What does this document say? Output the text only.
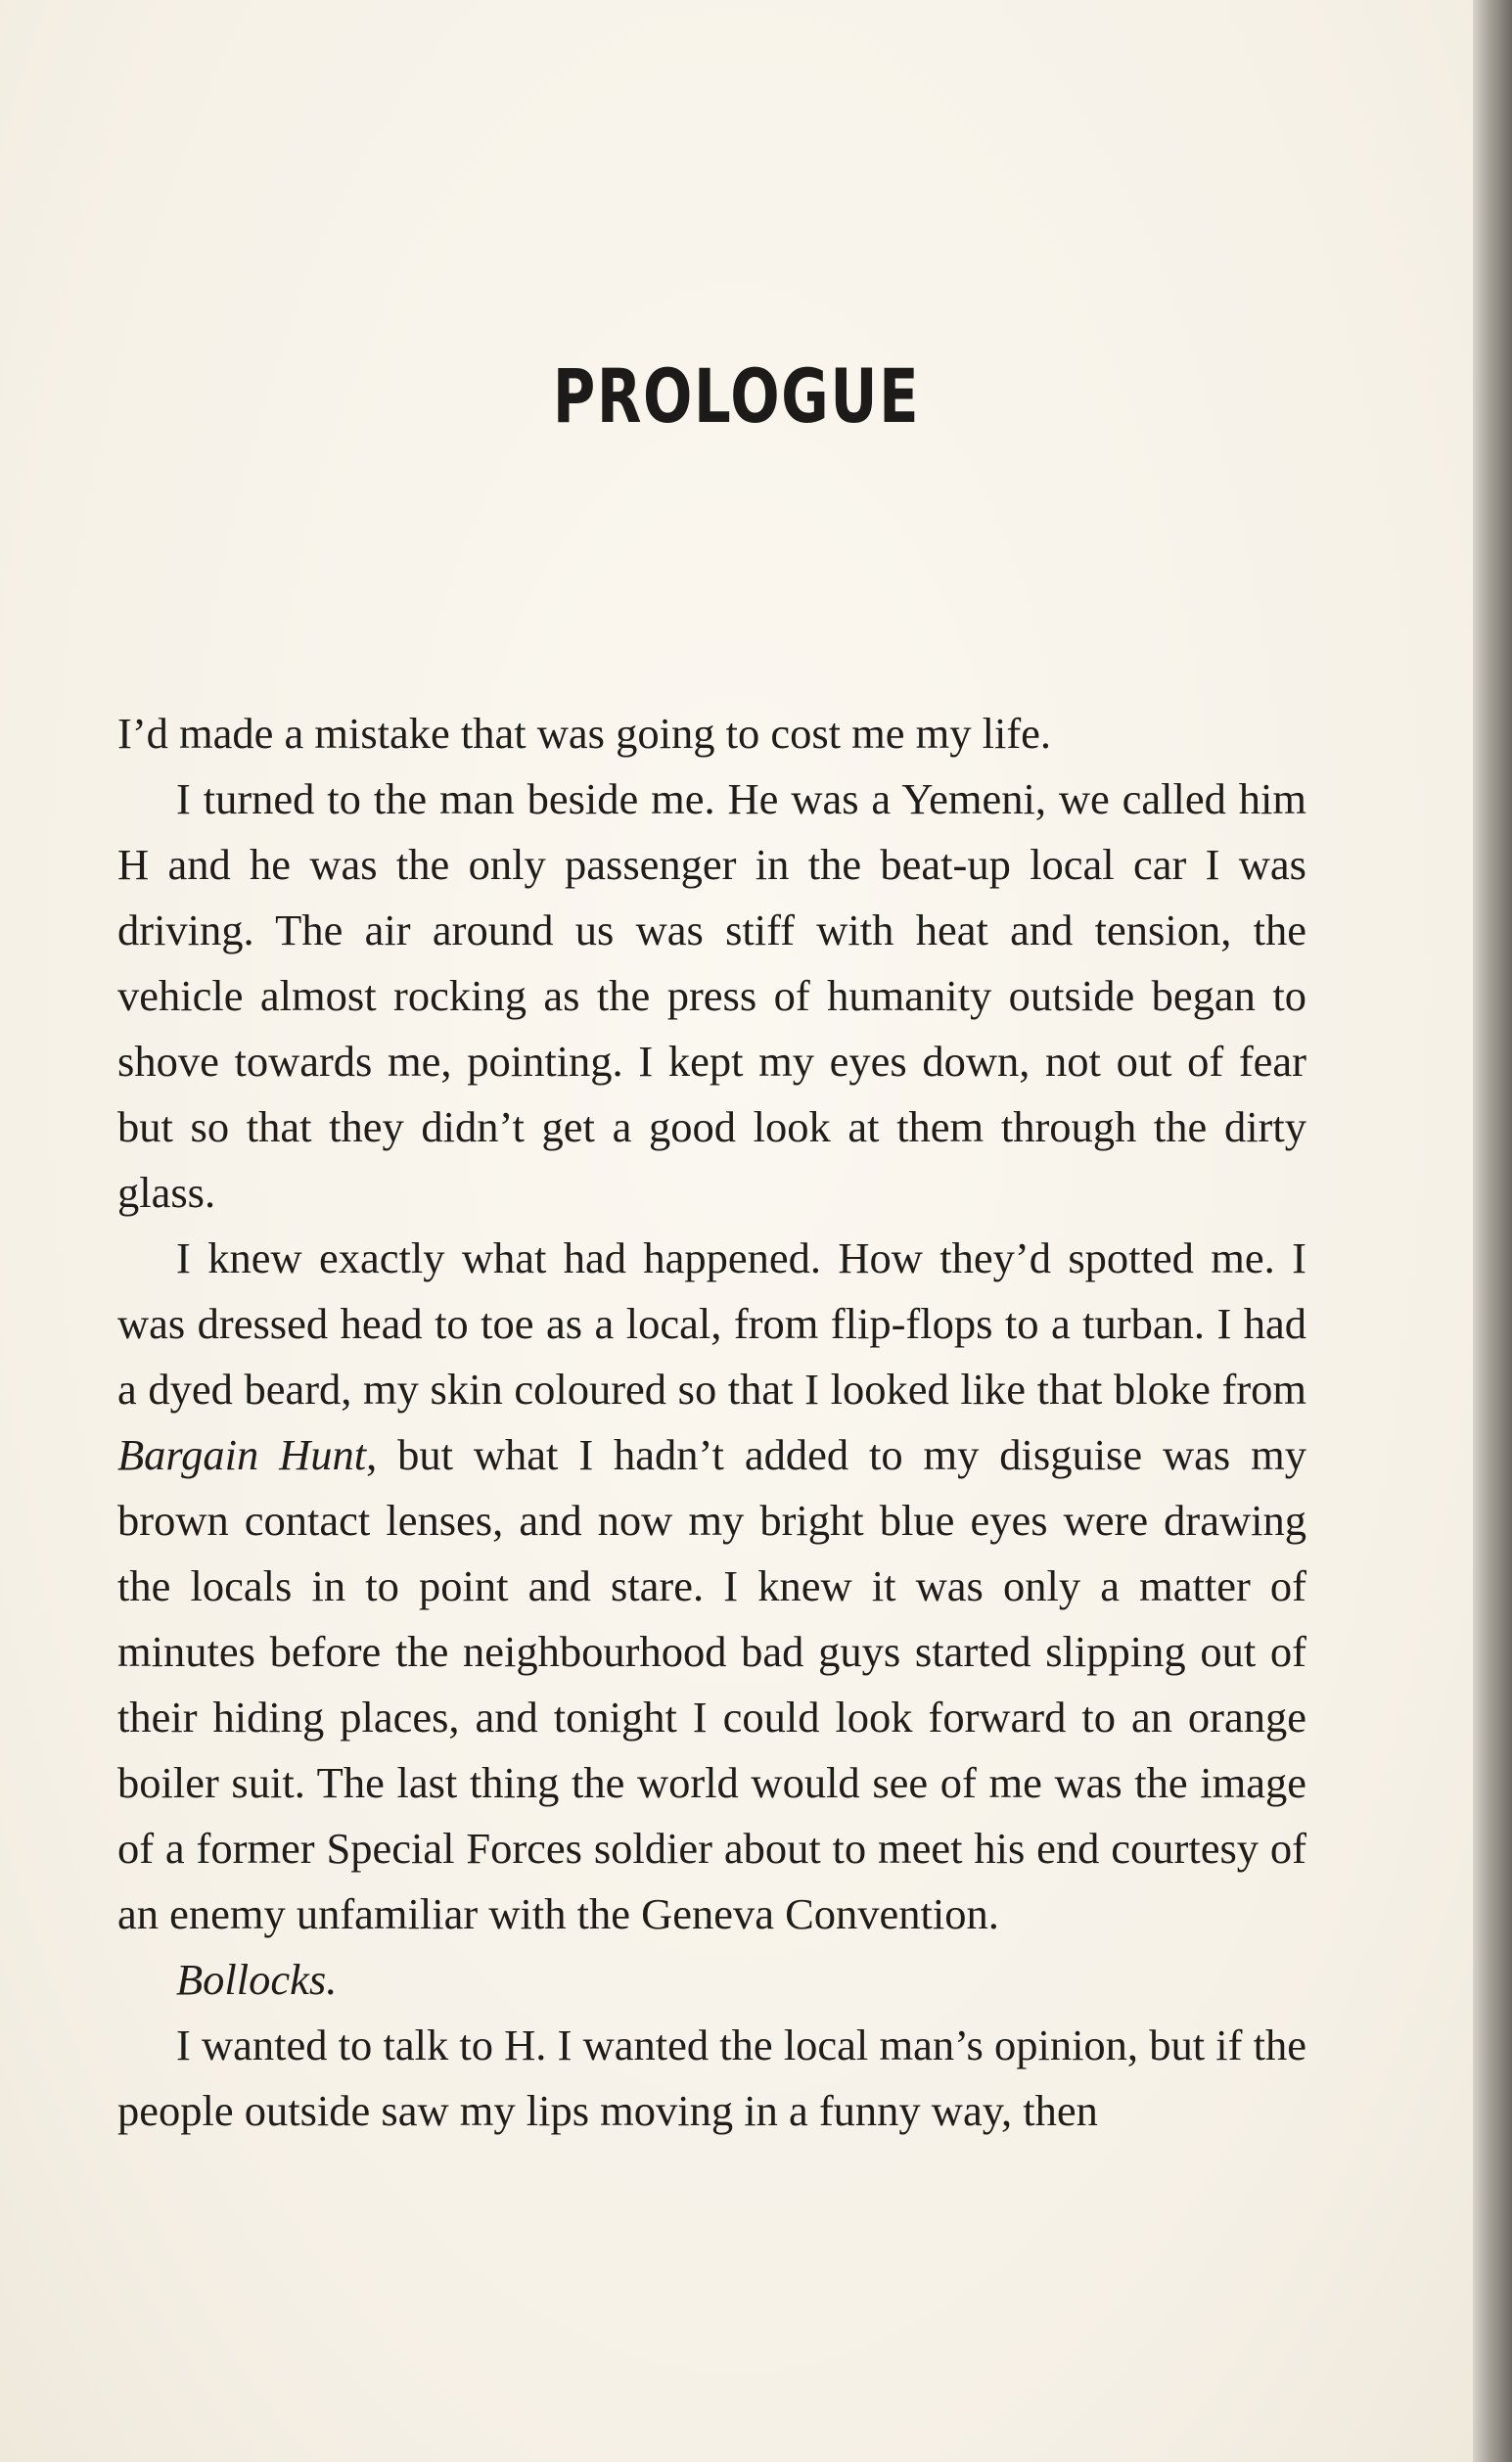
PROLOGUE

I’d made a mistake that was going to cost me my life.

I turned to the man beside me. He was a Yemeni, we called him H and he was the only passenger in the beat-up local car I was driving. The air around us was stiff with heat and tension, the vehicle almost rocking as the press of humanity outside began to shove towards me, pointing. I kept my eyes down, not out of fear but so that they didn’t get a good look at them through the dirty glass.

I knew exactly what had happened. How they’d spotted me. I was dressed head to toe as a local, from flip-flops to a turban. I had a dyed beard, my skin coloured so that I looked like that bloke from Bargain Hunt, but what I hadn’t added to my disguise was my brown contact lenses, and now my bright blue eyes were drawing the locals in to point and stare. I knew it was only a matter of minutes before the neighbourhood bad guys started slipping out of their hiding places, and tonight I could look forward to an orange boiler suit. The last thing the world would see of me was the image of a former Special Forces soldier about to meet his end courtesy of an enemy unfamiliar with the Geneva Convention.

Bollocks.

I wanted to talk to H. I wanted the local man’s opinion, but if the people outside saw my lips moving in a funny way, then
